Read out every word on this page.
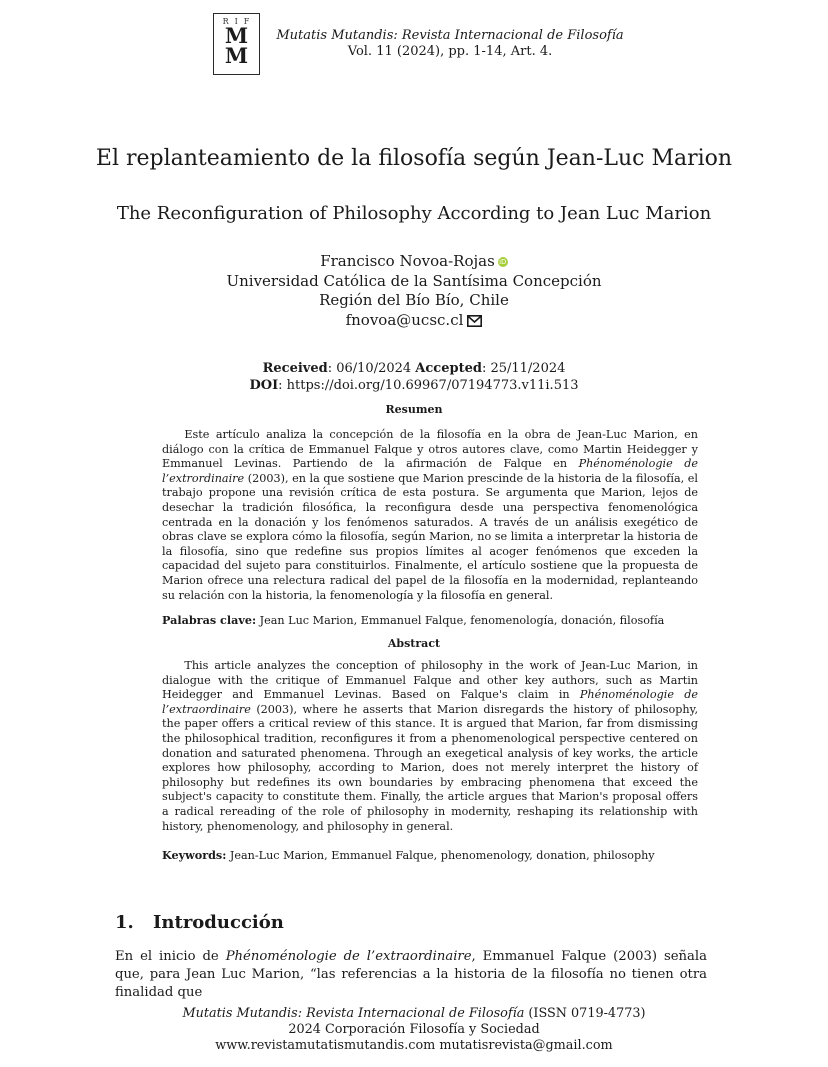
RIF
M
M
Mutatis Mutandis: Revista Internacional de Filosofía
Vol. 11 (2024), pp. 1-14, Art. 4.
El replanteamiento de la filosofía según Jean-Luc Marion
The Reconfiguration of Philosophy According to Jean Luc Marion
Francisco Novoa-Rojas iD
Universidad Católica de la Santísima Concepción
Región del Bío Bío, Chile
fnovoa@ucsc.cl
Received: 06/10/2024 Accepted: 25/11/2024
DOI: https://doi.org/10.69967/07194773.v11i.513
Resumen

Este artículo analiza la concepción de la filosofía en la obra de Jean-Luc Marion, en diálogo con la crítica de Emmanuel Falque y otros autores clave, como Martin Heidegger y Emmanuel Levinas. Partiendo de la afirmación de Falque en Phénoménologie de l’extrordinaire (2003), en la que sostiene que Marion prescinde de la historia de la filosofía, el trabajo propone una revisión crítica de esta postura. Se argumenta que Marion, lejos de desechar la tradición filosófica, la reconfigura desde una perspectiva fenomenológica centrada en la donación y los fenómenos saturados. A través de un análisis exegético de obras clave se explora cómo la filosofía, según Marion, no se limita a interpretar la historia de la filosofía, sino que redefine sus propios límites al acoger fenómenos que exceden la capacidad del sujeto para constituirlos. Finalmente, el artículo sostiene que la propuesta de Marion ofrece una relectura radical del papel de la filosofía en la modernidad, replanteando su relación con la historia, la fenomenología y la filosofía en general.

Palabras clave: Jean Luc Marion, Emmanuel Falque, fenomenología, donación, filosofía

Abstract

This article analyzes the conception of philosophy in the work of Jean-Luc Marion, in dialogue with the critique of Emmanuel Falque and other key authors, such as Martin Heidegger and Emmanuel Levinas. Based on Falque's claim in Phénoménologie de l’extraordinaire (2003), where he asserts that Marion disregards the history of philosophy, the paper offers a critical review of this stance. It is argued that Marion, far from dismissing the philosophical tradition, reconfigures it from a phenomenological perspective centered on donation and saturated phenomena. Through an exegetical analysis of key works, the article explores how philosophy, according to Marion, does not merely interpret the history of philosophy but redefines its own boundaries by embracing phenomena that exceed the subject's capacity to constitute them. Finally, the article argues that Marion's proposal offers a radical rereading of the role of philosophy in modernity, reshaping its relationship with history, phenomenology, and philosophy in general.

Keywords: Jean-Luc Marion, Emmanuel Falque, phenomenology, donation, philosophy

1. Introducción

En el inicio de Phénoménologie de l’extraordinaire, Emmanuel Falque (2003) señala que, para Jean Luc Marion, “las referencias a la historia de la filosofía no tienen otra finalidad que

Mutatis Mutandis: Revista Internacional de Filosofía (ISSN 0719-4773)
2024 Corporación Filosofía y Sociedad
www.revistamutatismutandis.com mutatisrevista@gmail.com
